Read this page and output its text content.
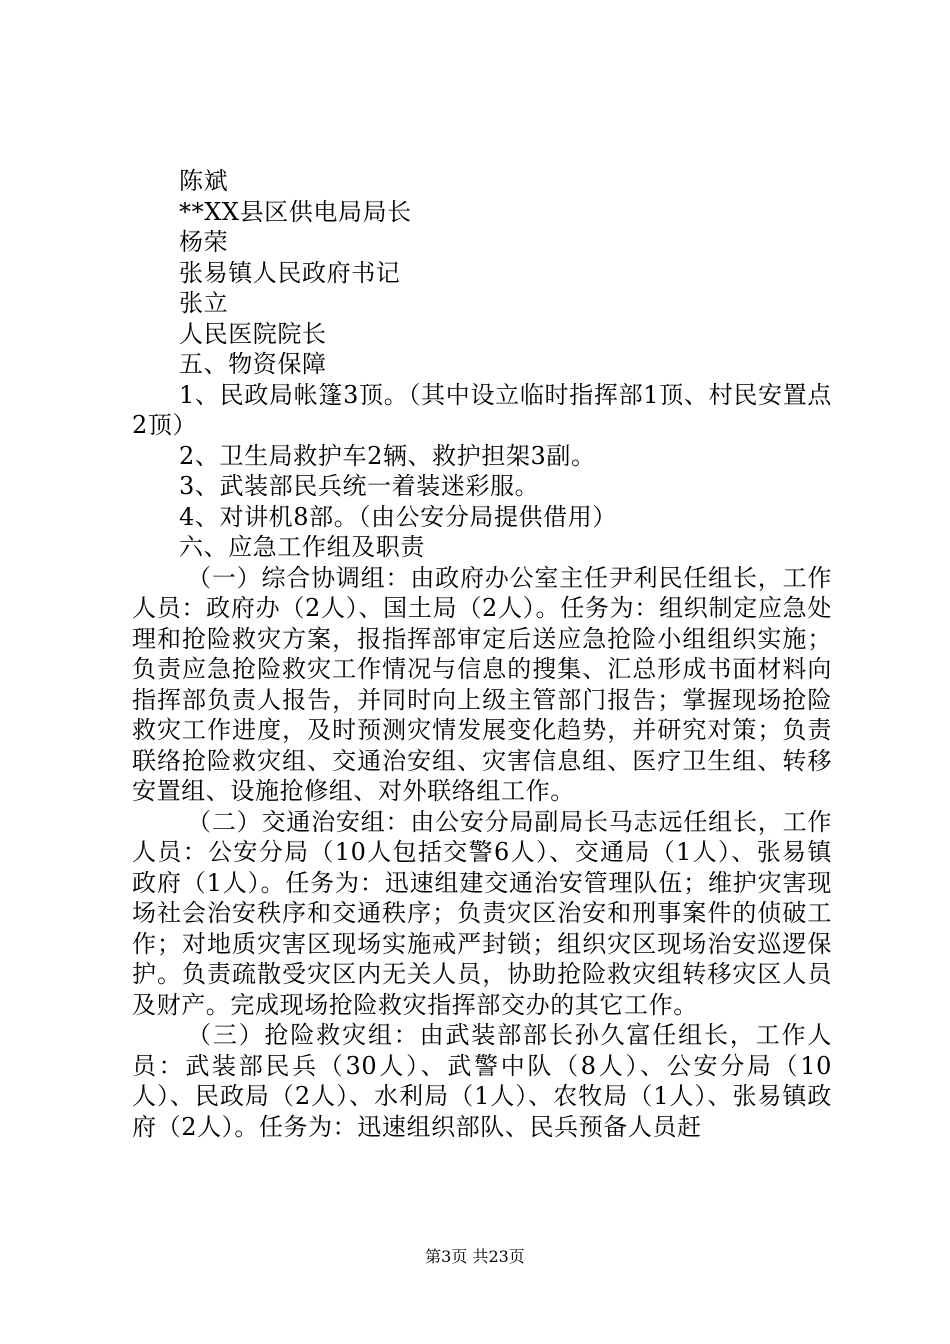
陈斌

**XX县区供电局局长

杨荣

张易镇人民政府书记

张立

人民医院院长

五、物资保障

1、民政局帐篷3顶。（其中设立临时指挥部1顶、村民安置点2顶）

2、卫生局救护车2辆、救护担架3副。

3、武装部民兵统一着装迷彩服。

4、对讲机8部。（由公安分局提供借用）

六、应急工作组及职责

（一）综合协调组：由政府办公室主任尹利民任组长，工作人员：政府办（2人）、国土局（2人）。任务为：组织制定应急处理和抢险救灾方案，报指挥部审定后送应急抢险小组组织实施；负责应急抢险救灾工作情况与信息的搜集、汇总形成书面材料向指挥部负责人报告，并同时向上级主管部门报告；掌握现场抢险救灾工作进度，及时预测灾情发展变化趋势，并研究对策；负责联络抢险救灾组、交通治安组、灾害信息组、医疗卫生组、转移安置组、设施抢修组、对外联络组工作。

（二）交通治安组：由公安分局副局长马志远任组长，工作人员：公安分局（10人包括交警6人）、交通局（1人）、张易镇政府（1人）。任务为：迅速组建交通治安管理队伍；维护灾害现场社会治安秩序和交通秩序；负责灾区治安和刑事案件的侦破工作；对地质灾害区现场实施戒严封锁；组织灾区现场治安巡逻保护。负责疏散受灾区内无关人员，协助抢险救灾组转移灾区人员及财产。完成现场抢险救灾指挥部交办的其它工作。

（三）抢险救灾组：由武装部部长孙久富任组长，工作人员：武装部民兵（30人）、武警中队（8人）、公安分局（10人）、民政局（2人）、水利局（1人）、农牧局（1人）、张易镇政府（2人）。任务为：迅速组织部队、民兵预备人员赶

第3页 共23页
